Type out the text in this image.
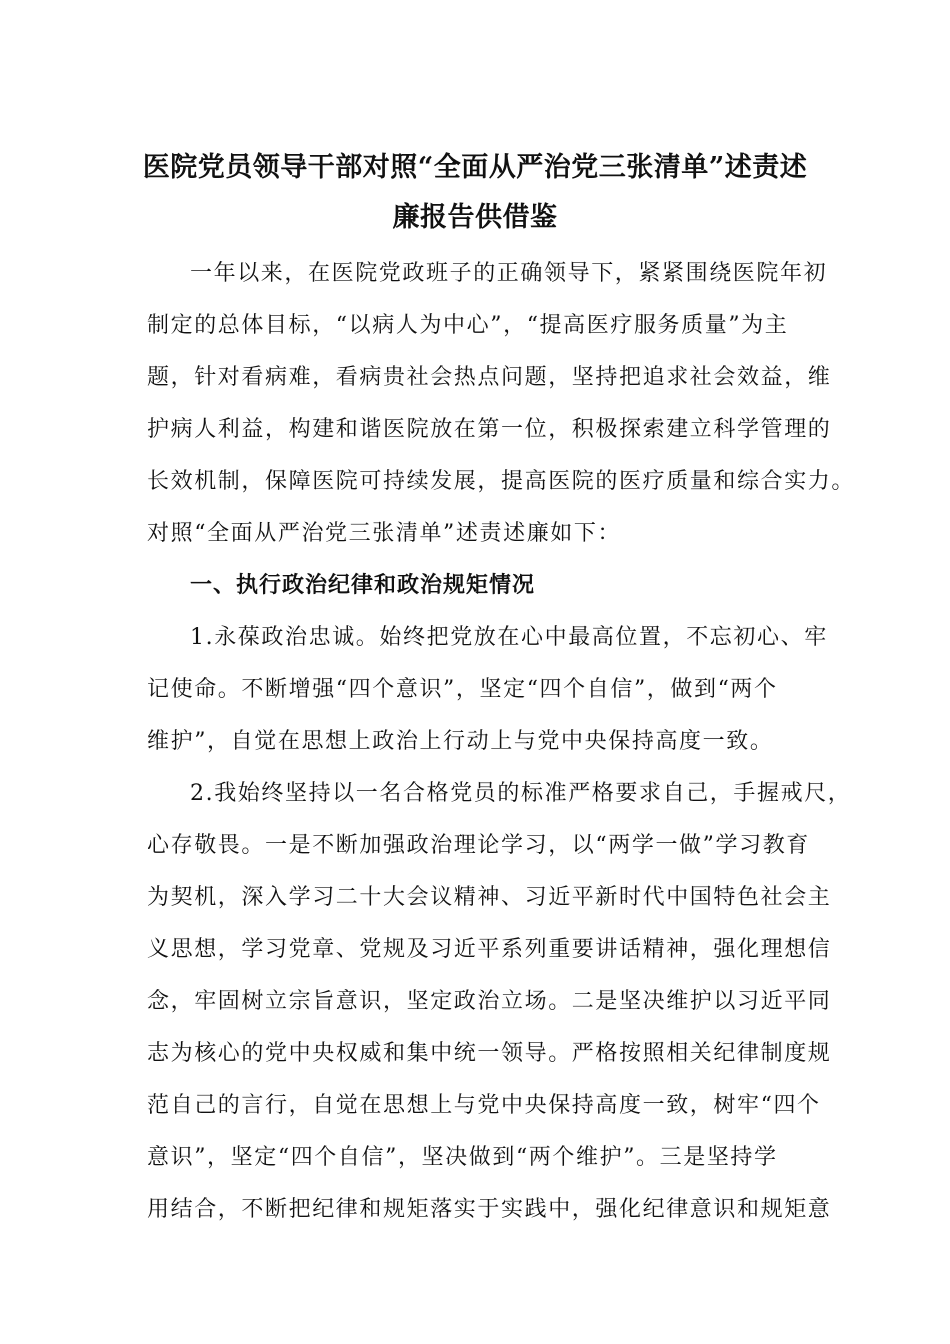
医院党员领导干部对照“全面从严治党三张清单”述责述
廉报告供借鉴
一年以来，在医院党政班子的正确领导下，紧紧围绕医院年初
制定的总体目标，“以病人为中心”，“提高医疗服务质量”为主
题，针对看病难，看病贵社会热点问题，坚持把追求社会效益，维
护病人利益，构建和谐医院放在第一位，积极探索建立科学管理的
长效机制，保障医院可持续发展，提高医院的医疗质量和综合实力。
对照“全面从严治党三张清单”述责述廉如下：
一、执行政治纪律和政治规矩情况
1.永葆政治忠诚。始终把党放在心中最高位置，不忘初心、牢
记使命。不断增强“四个意识”，坚定“四个自信”，做到“两个
维护”，自觉在思想上政治上行动上与党中央保持高度一致。
2.我始终坚持以一名合格党员的标准严格要求自己，手握戒尺，
心存敬畏。一是不断加强政治理论学习，以“两学一做”学习教育
为契机，深入学习二十大会议精神、习近平新时代中国特色社会主
义思想，学习党章、党规及习近平系列重要讲话精神，强化理想信
念，牢固树立宗旨意识，坚定政治立场。二是坚决维护以习近平同
志为核心的党中央权威和集中统一领导。严格按照相关纪律制度规
范自己的言行，自觉在思想上与党中央保持高度一致，树牢“四个
意识”，坚定“四个自信”，坚决做到“两个维护”。三是坚持学
用结合，不断把纪律和规矩落实于实践中，强化纪律意识和规矩意
